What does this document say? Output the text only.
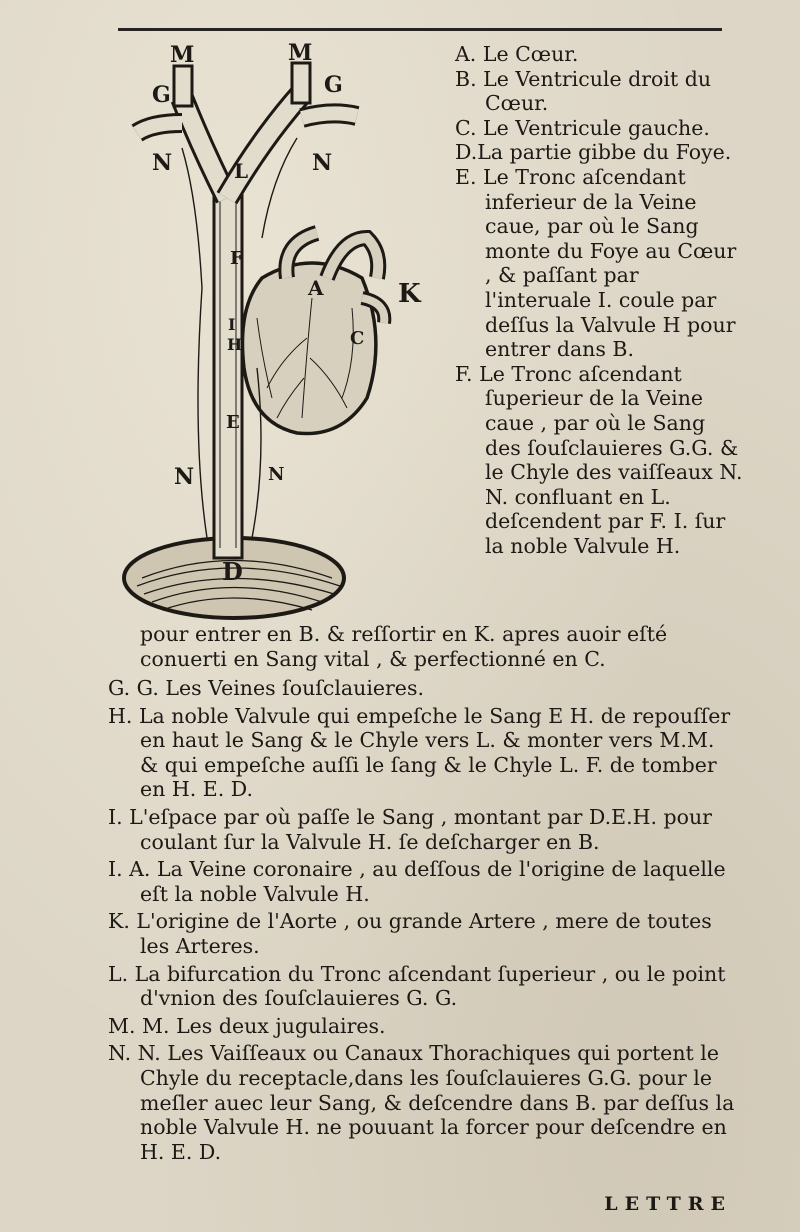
M	M
G	G
N	N
L
A	K
F
I
H	C
E
N	N
D
A. Le Cœur.
B. Le Ventricule droit du Cœur.
C. Le Ventricule gauche.
D.La partie gibbe du Foye.
E. Le Tronc aſcendant inferieur de la Veine caue, par où le Sang monte du Foye au Cœur , & paſſant par l'interuale I. coule par deſſus la Valvule H pour entrer dans B.
F. Le Tronc aſcendant ſuperieur de la Veine caue , par où le Sang des ſouſclauieres G.G. & le Chyle des vaiſſeaux N. N. confluant en L. deſcendent par F. I. ſur la noble Valvule H.
pour entrer en B. & reſſortir en K. apres auoir eſté conuerti en Sang vital , & perfectionné en C.
G. G. Les Veines ſouſclauieres.
H. La noble Valvule qui empeſche le Sang E H. de repouſſer en haut le Sang & le Chyle vers L. & monter vers M.M. & qui empeſche auſſi le ſang & le Chyle L. F. de tomber en H. E. D.
I. L'eſpace par où paſſe le Sang , montant par D.E.H. pour coulant ſur la Valvule H. ſe deſcharger en B.
I. A. La Veine coronaire , au deſſous de l'origine de laquelle eſt la noble Valvule H.
K. L'origine de l'Aorte , ou grande Artere , mere de toutes les Arteres.
L. La bifurcation du Tronc aſcendant ſuperieur , ou le point d'vnion des ſouſclauieres G. G.
M. M. Les deux jugulaires.
N. N. Les Vaiſſeaux ou Canaux Thorachiques qui portent le Chyle du receptacle,dans les ſouſclauieres G.G. pour le meſler auec leur Sang, & deſcendre dans B. par deſſus la noble Valvule H. ne pouuant la forcer pour deſcendre en H. E. D.
LETTRE
